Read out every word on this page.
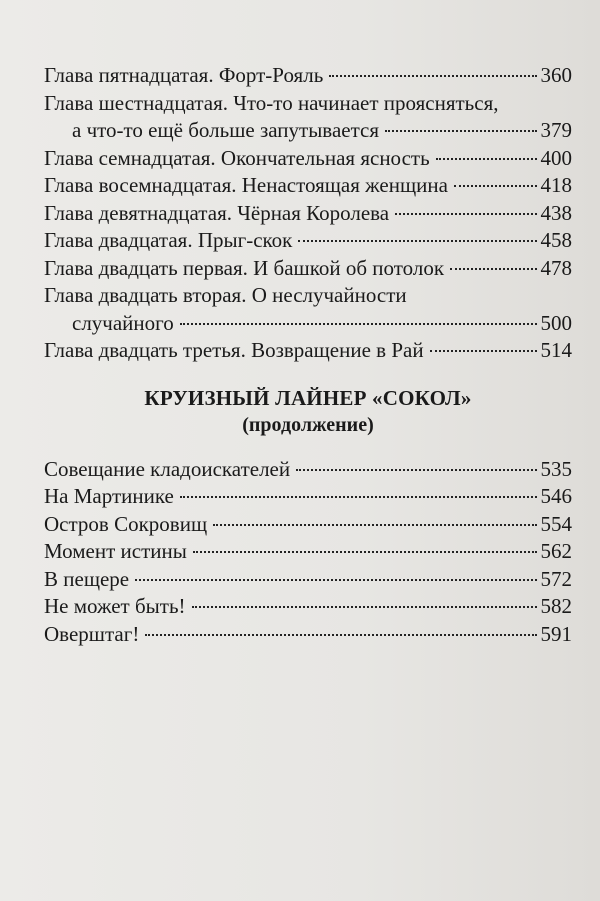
Глава пятнадцатая. Форт-Рояль	360
Глава шестнадцатая. Что-то начинает проясняться,
а что-то ещё больше запутывается	379
Глава семнадцатая. Окончательная ясность	400
Глава восемнадцатая. Ненастоящая женщина	418
Глава девятнадцатая. Чёрная Королева	438
Глава двадцатая. Прыг-скок	458
Глава двадцать первая. И башкой об потолок	478
Глава двадцать вторая. О неслучайности
случайного	500
Глава двадцать третья. Возвращение в Рай	514
КРУИЗНЫЙ ЛАЙНЕР «СОКОЛ»
(продолжение)
Совещание кладоискателей	535
На Мартинике	546
Остров Сокровищ	554
Момент истины	562
В пещере	572
Не может быть!	582
Оверштаг!	591
